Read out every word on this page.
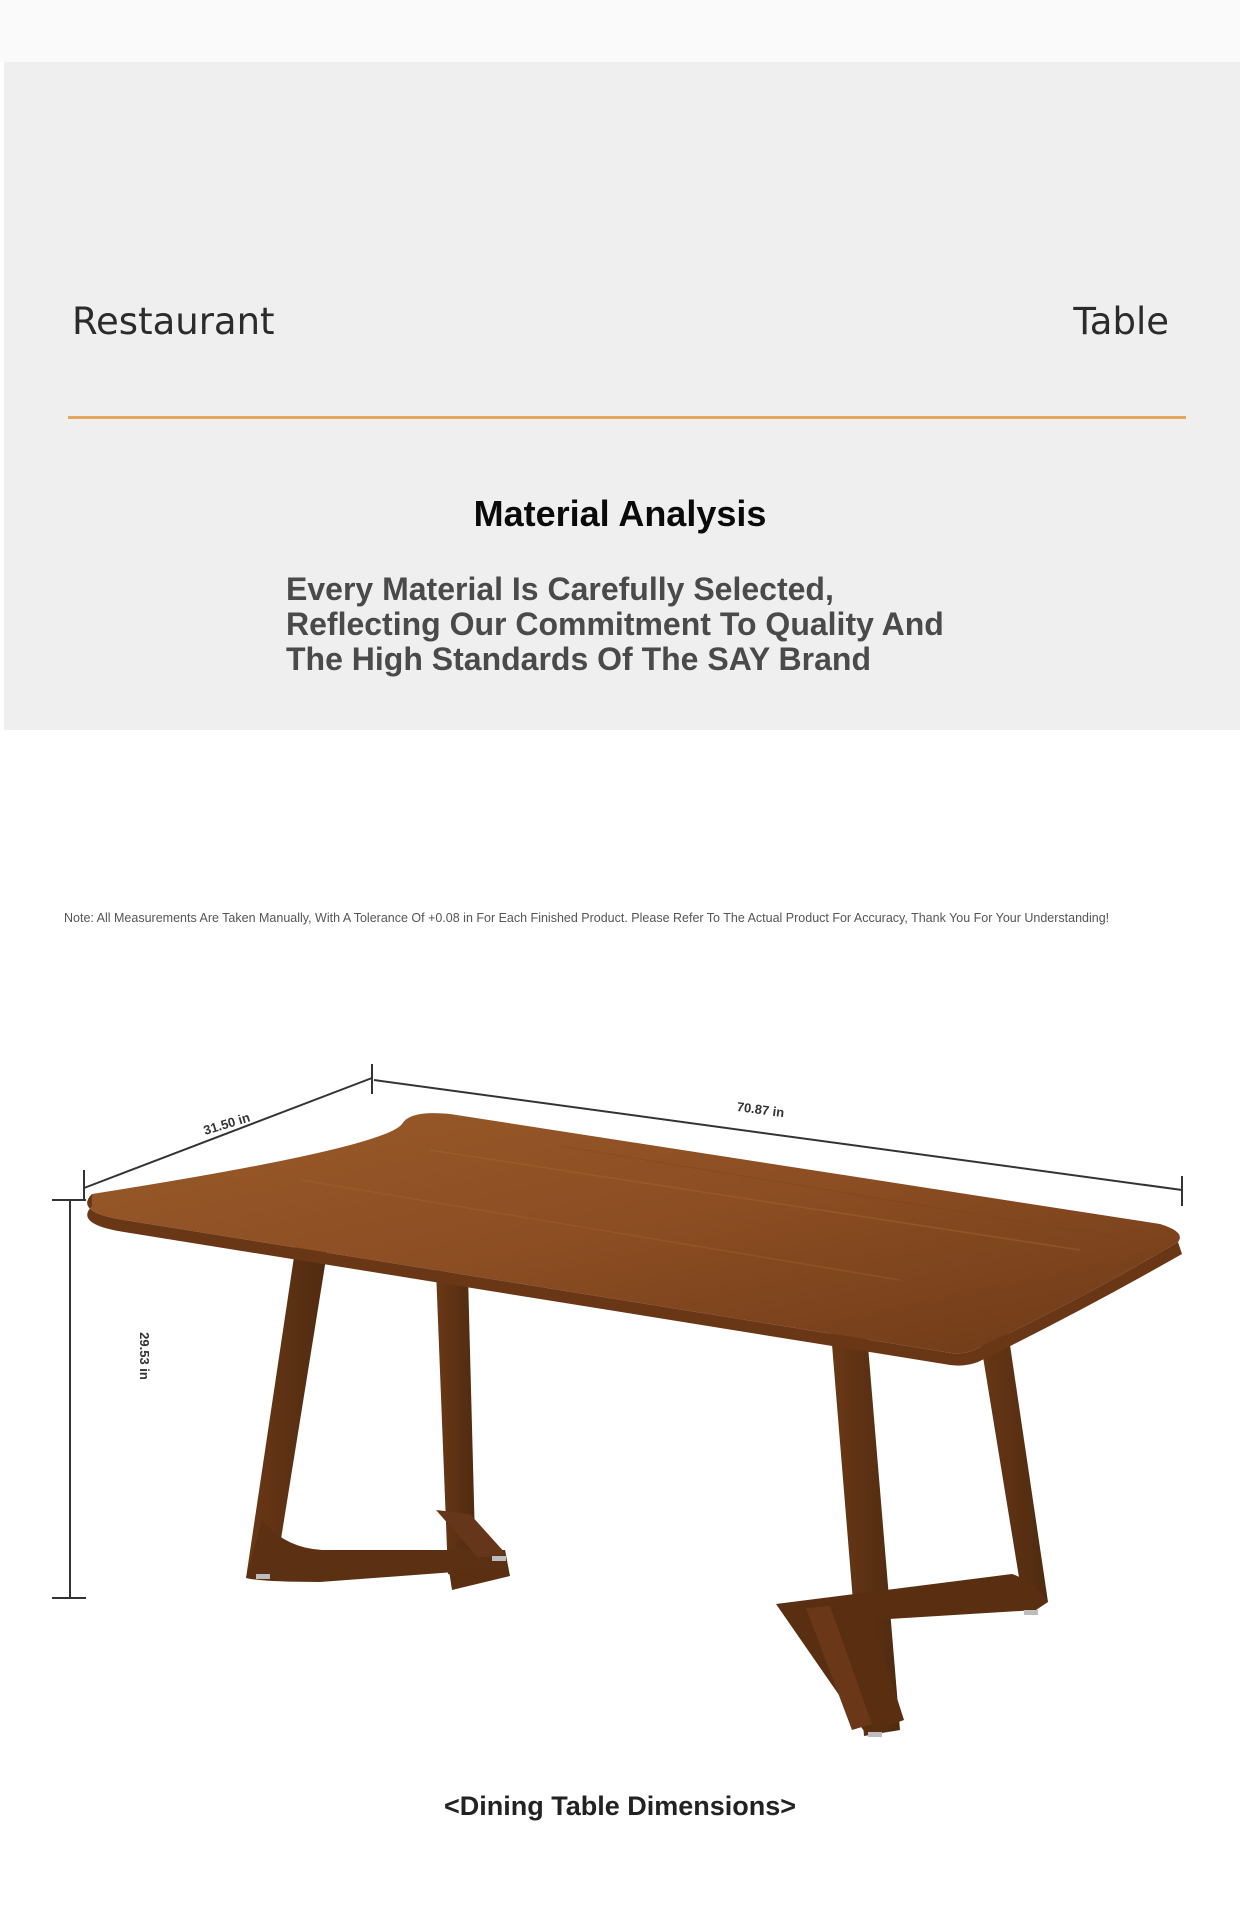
Restaurant	Table
Material Analysis

Every Material Is Carefully Selected, Reflecting Our Commitment To Quality And The High Standards Of The SAY Brand

Note: All Measurements Are Taken Manually, With A Tolerance Of +0.08 in For Each Finished Product. Please Refer To The Actual Product For Accuracy, Thank You For Your Understanding!

31.50 in
70.87 in
29.53 in
<Dining Table Dimensions>
